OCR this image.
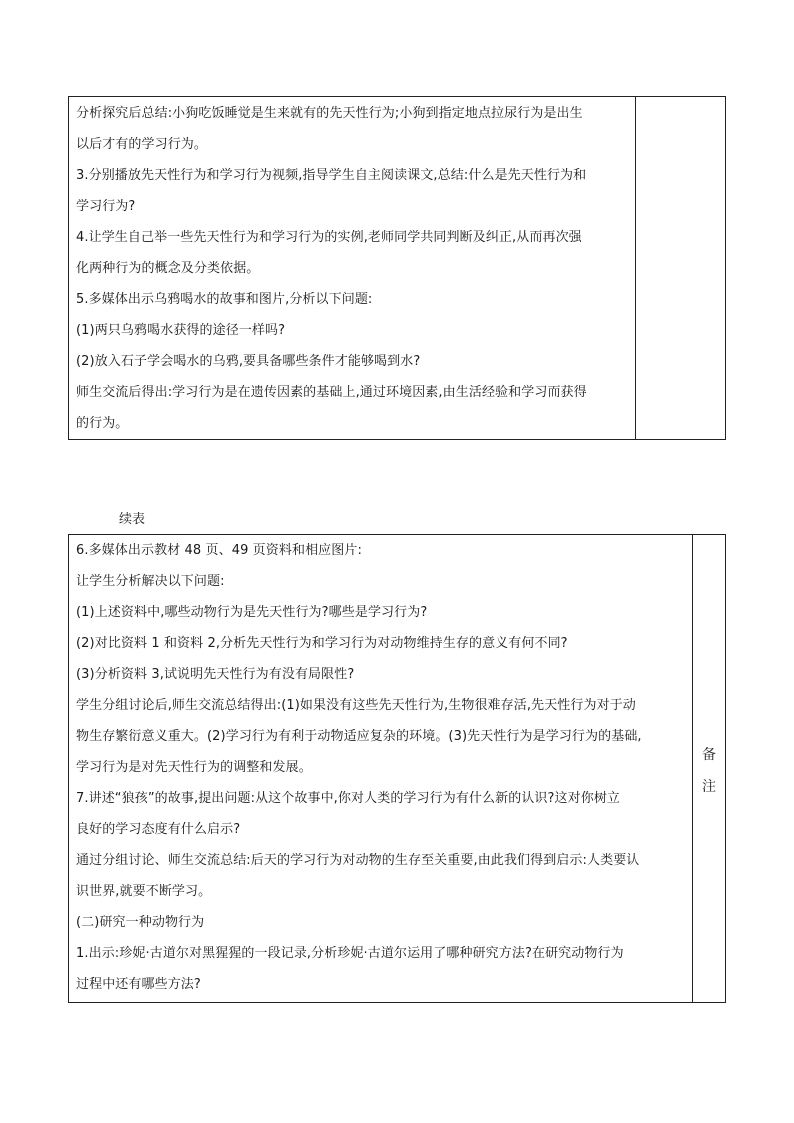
分析探究后总结:小狗吃饭睡觉是生来就有的先天性行为;小狗到指定地点拉尿行为是出生
以后才有的学习行为。
3.分别播放先天性行为和学习行为视频,指导学生自主阅读课文,总结:什么是先天性行为和
学习行为?
4.让学生自己举一些先天性行为和学习行为的实例,老师同学共同判断及纠正,从而再次强
化两种行为的概念及分类依据。
5.多媒体出示乌鸦喝水的故事和图片,分析以下问题:
(1)两只乌鸦喝水获得的途径一样吗?
(2)放入石子学会喝水的乌鸦,要具备哪些条件才能够喝到水?
师生交流后得出:学习行为是在遗传因素的基础上,通过环境因素,由生活经验和学习而获得
的行为。
续表
6.多媒体出示教材 48 页、49 页资料和相应图片:
让学生分析解决以下问题:
(1)上述资料中,哪些动物行为是先天性行为?哪些是学习行为?
(2)对比资料 1 和资料 2,分析先天性行为和学习行为对动物维持生存的意义有何不同?
(3)分析资料 3,试说明先天性行为有没有局限性?
学生分组讨论后,师生交流总结得出:(1)如果没有这些先天性行为,生物很难存活,先天性行为对于动
物生存繁衍意义重大。(2)学习行为有利于动物适应复杂的环境。(3)先天性行为是学习行为的基础,
学习行为是对先天性行为的调整和发展。
7.讲述“狼孩”的故事,提出问题:从这个故事中,你对人类的学习行为有什么新的认识?这对你树立
良好的学习态度有什么启示?
通过分组讨论、师生交流总结:后天的学习行为对动物的生存至关重要,由此我们得到启示:人类要认
识世界,就要不断学习。
(二)研究一种动物行为
1.出示:珍妮·古道尔对黑猩猩的一段记录,分析珍妮·古道尔运用了哪种研究方法?在研究动物行为
过程中还有哪些方法?
备
注
